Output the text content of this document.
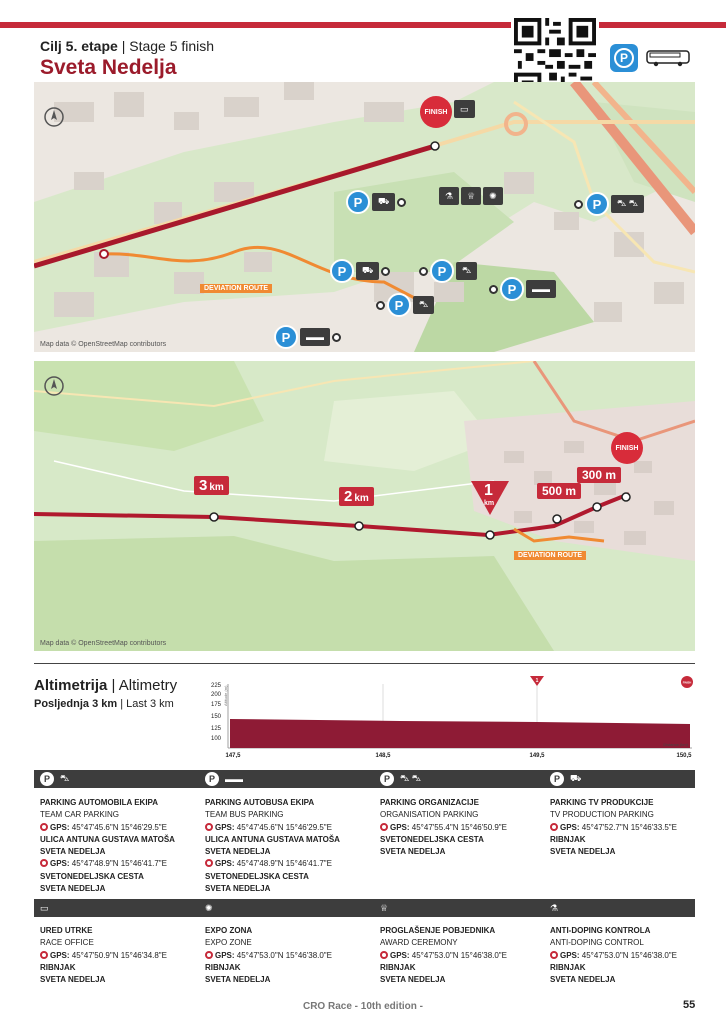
Cilj 5. etape | Stage 5 finish
Sveta Nedelja	P
FINISH	▭
P	⛟
⚗	♕	✺
P	⛍ ⛍
P	⛟	P	⛍
P	▬▬
P	⛍
P	▬▬
DEVIATION ROUTE
Map data © OpenStreetMap contributors
FINISH
3 km
2 km	1
km
500 m
300 m
DEVIATION ROUTE
Map data © OpenStreetMap contributors
Altimetrija | Altimetry
Posljednja 3 km | Last 3 km
225
200
175
150
125
100
Altitude (m)
147,5	148,5	149,5	150,5
Distance (km)
1	FINISH
P	⛍	P	▬▬	P	⛍ ⛍	P	⛟
PARKING AUTOMOBILA EKIPA
TEAM CAR PARKING
GPS: 45°47'45.6"N 15°46'29.5"E
ULICA ANTUNA GUSTAVA MATOŠA
SVETA NEDELJA
GPS: 45°47'48.9"N 15°46'41.7"E
SVETONEDELJSKA CESTA
SVETA NEDELJA
PARKING AUTOBUSA EKIPA
TEAM BUS PARKING
GPS: 45°47'45.6"N 15°46'29.5"E
ULICA ANTUNA GUSTAVA MATOŠA
SVETA NEDELJA
GPS: 45°47'48.9"N 15°46'41.7"E
SVETONEDELJSKA CESTA
SVETA NEDELJA
PARKING ORGANIZACIJE
ORGANISATION PARKING
GPS: 45°47'55.4"N 15°46'50.9"E
SVETONEDELJSKA CESTA
SVETA NEDELJA
PARKING TV PRODUKCIJE
TV PRODUCTION PARKING
GPS: 45°47'52.7"N 15°46'33.5"E
RIBNJAK
SVETA NEDELJA
▭	✺	♕	⚗
URED UTRKE
RACE OFFICE
GPS: 45°47'50.9"N 15°46'34.8"E
RIBNJAK
SVETA NEDELJA
EXPO ZONA
EXPO ZONE
GPS: 45°47'53.0"N 15°46'38.0"E
RIBNJAK
SVETA NEDELJA
PROGLAŠENJE POBJEDNIKA
AWARD CEREMONY
GPS: 45°47'53.0"N 15°46'38.0"E
RIBNJAK
SVETA NEDELJA
ANTI-DOPING KONTROLA
ANTI-DOPING CONTROL
GPS: 45°47'53.0"N 15°46'38.0"E
RIBNJAK
SVETA NEDELJA
CRO Race - 10th edition -	55
